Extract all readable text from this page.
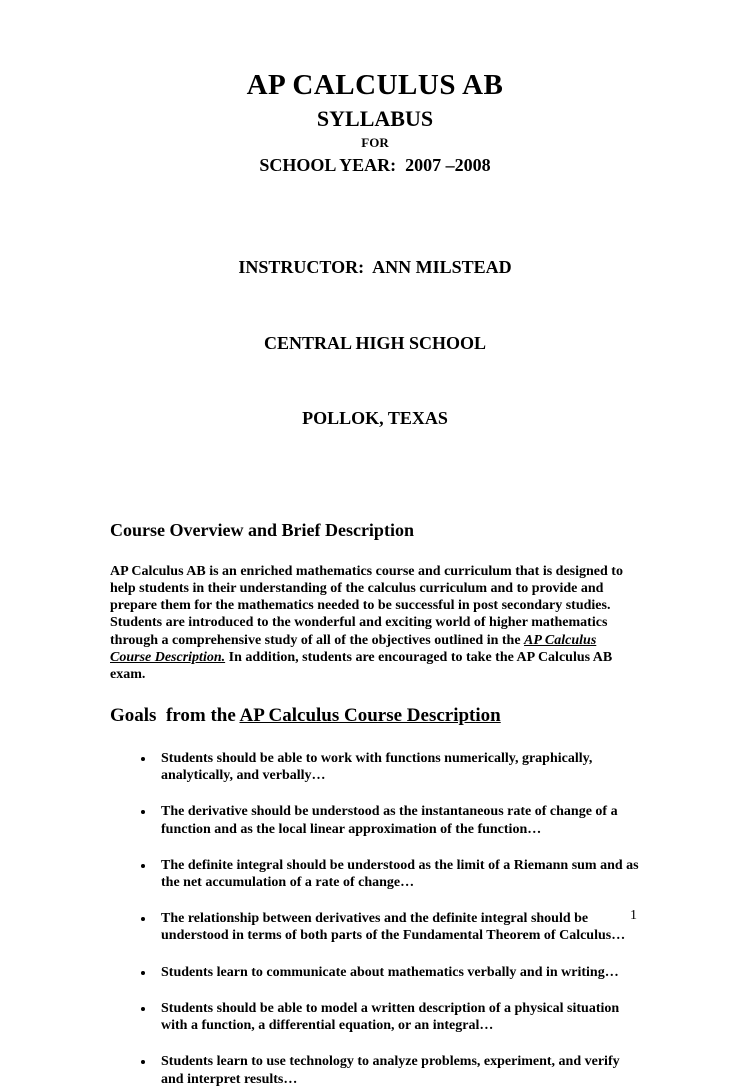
AP CALCULUS AB
SYLLABUS
FOR
SCHOOL YEAR:  2007 –2008

INSTRUCTOR:  ANN MILSTEAD

CENTRAL HIGH SCHOOL

POLLOK, TEXAS

Course Overview and Brief Description

AP Calculus AB is an enriched mathematics course and curriculum that is designed to help students in their understanding of the calculus curriculum and to provide and prepare them for the mathematics needed to be successful in post secondary studies. Students are introduced to the wonderful and exciting world of higher mathematics through a comprehensive study of all of the objectives outlined in the AP Calculus Course Description. In addition, students are encouraged to take the AP Calculus AB exam.

Goals  from the AP Calculus Course Description
• Students should be able to work with functions numerically, graphically, analytically, and verbally…
• The derivative should be understood as the instantaneous rate of change of a function and as the local linear approximation of the function…
• The definite integral should be understood as the limit of a Riemann sum and as the net accumulation of a rate of change…
• The relationship between derivatives and the definite integral should be understood in terms of both parts of the Fundamental Theorem of Calculus…
• Students learn to communicate about mathematics verbally and in writing…
• Students should be able to model a written description of a physical situation with a function, a differential equation, or an integral…
• Students learn to use technology to analyze problems, experiment, and verify and interpret results…
1
